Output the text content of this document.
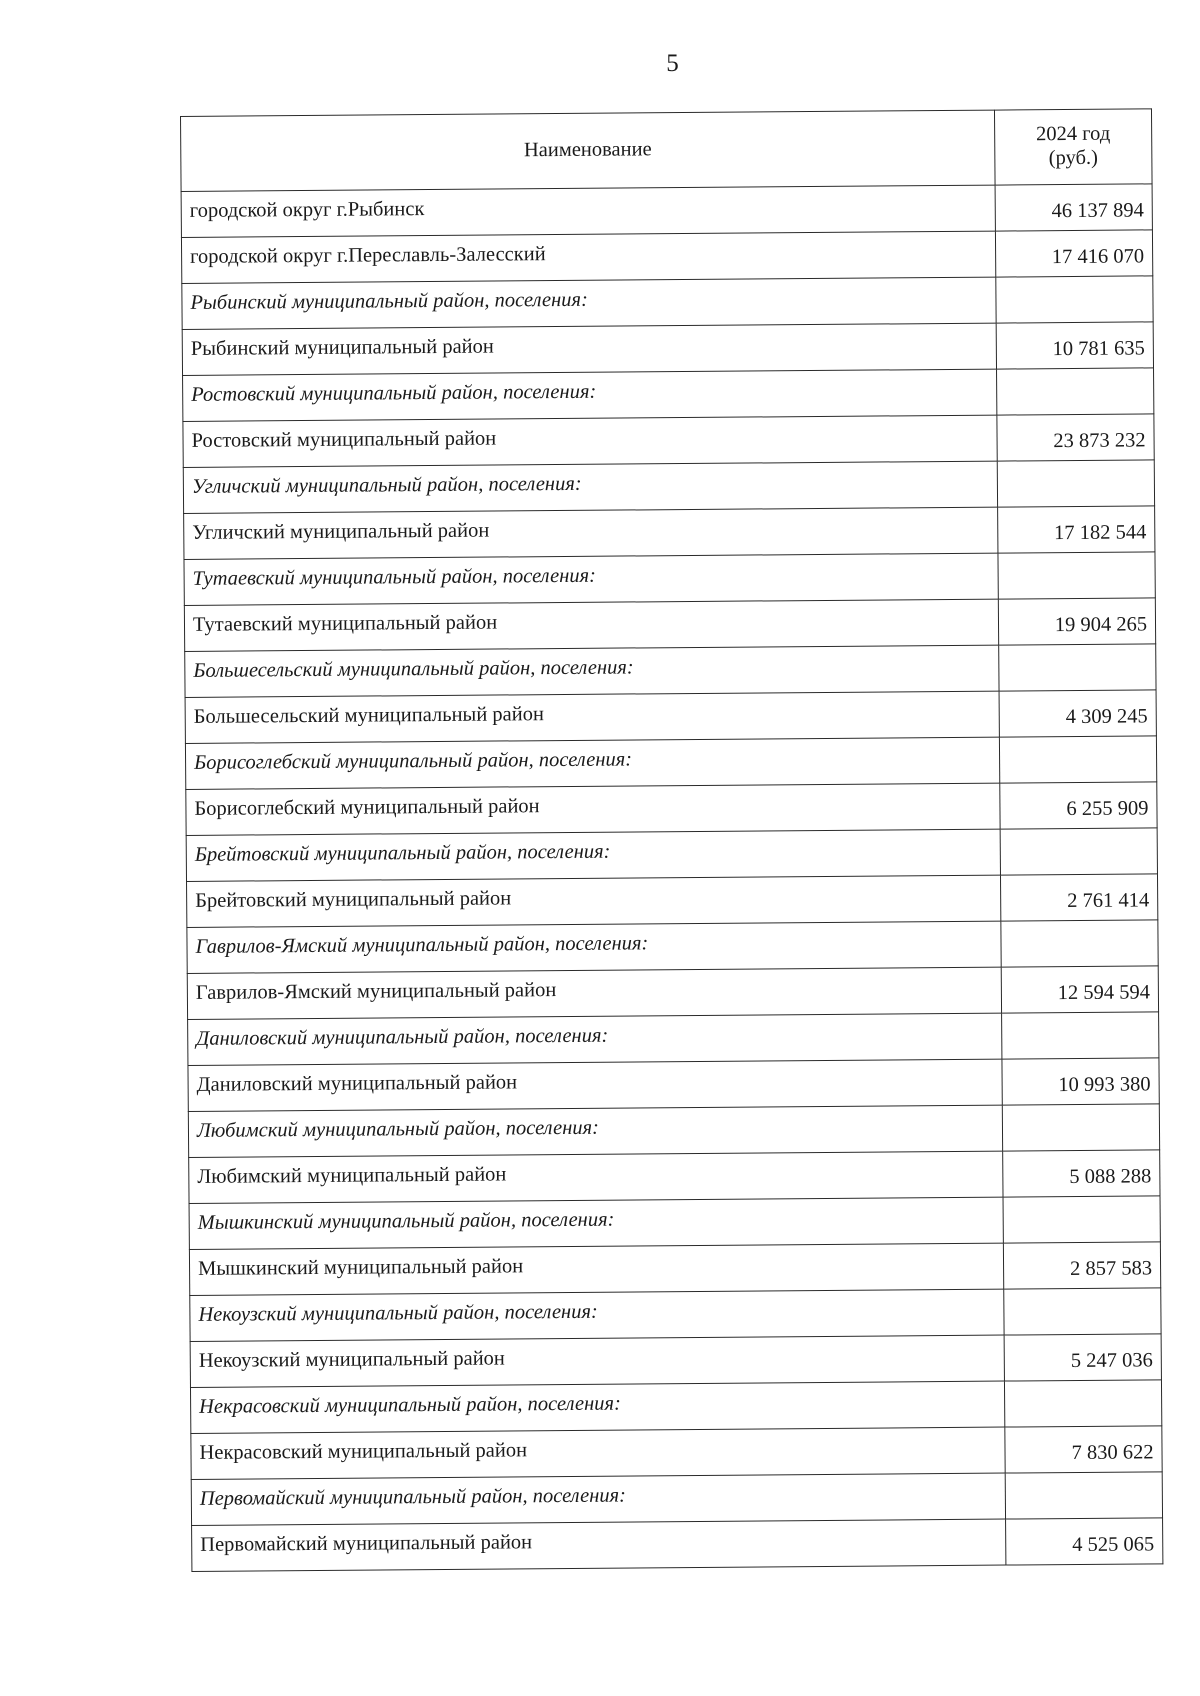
5
Наименование	2024 год
(руб.)

городской округ г.Рыбинск	46 137 894
городской округ г.Переславль-Залесский	17 416 070
Рыбинский муниципальный район, поселения:	
Рыбинский муниципальный район	10 781 635
Ростовский муниципальный район, поселения:	
Ростовский муниципальный район	23 873 232
Угличский муниципальный район, поселения:	
Угличский муниципальный район	17 182 544
Тутаевский муниципальный район, поселения:	
Тутаевский муниципальный район	19 904 265
Большесельский муниципальный район, поселения:	
Большесельский муниципальный район	4 309 245
Борисоглебский муниципальный район, поселения:	
Борисоглебский муниципальный район	6 255 909
Брейтовский муниципальный район, поселения:	
Брейтовский муниципальный район	2 761 414
Гаврилов-Ямский муниципальный район, поселения:	
Гаврилов-Ямский муниципальный район	12 594 594
Даниловский муниципальный район, поселения:	
Даниловский муниципальный район	10 993 380
Любимский муниципальный район, поселения:	
Любимский муниципальный район	5 088 288
Мышкинский муниципальный район, поселения:	
Мышкинский муниципальный район	2 857 583
Некоузский муниципальный район, поселения:	
Некоузский муниципальный район	5 247 036
Некрасовский муниципальный район, поселения:	
Некрасовский муниципальный район	7 830 622
Первомайский муниципальный район, поселения:	
Первомайский муниципальный район	4 525 065
